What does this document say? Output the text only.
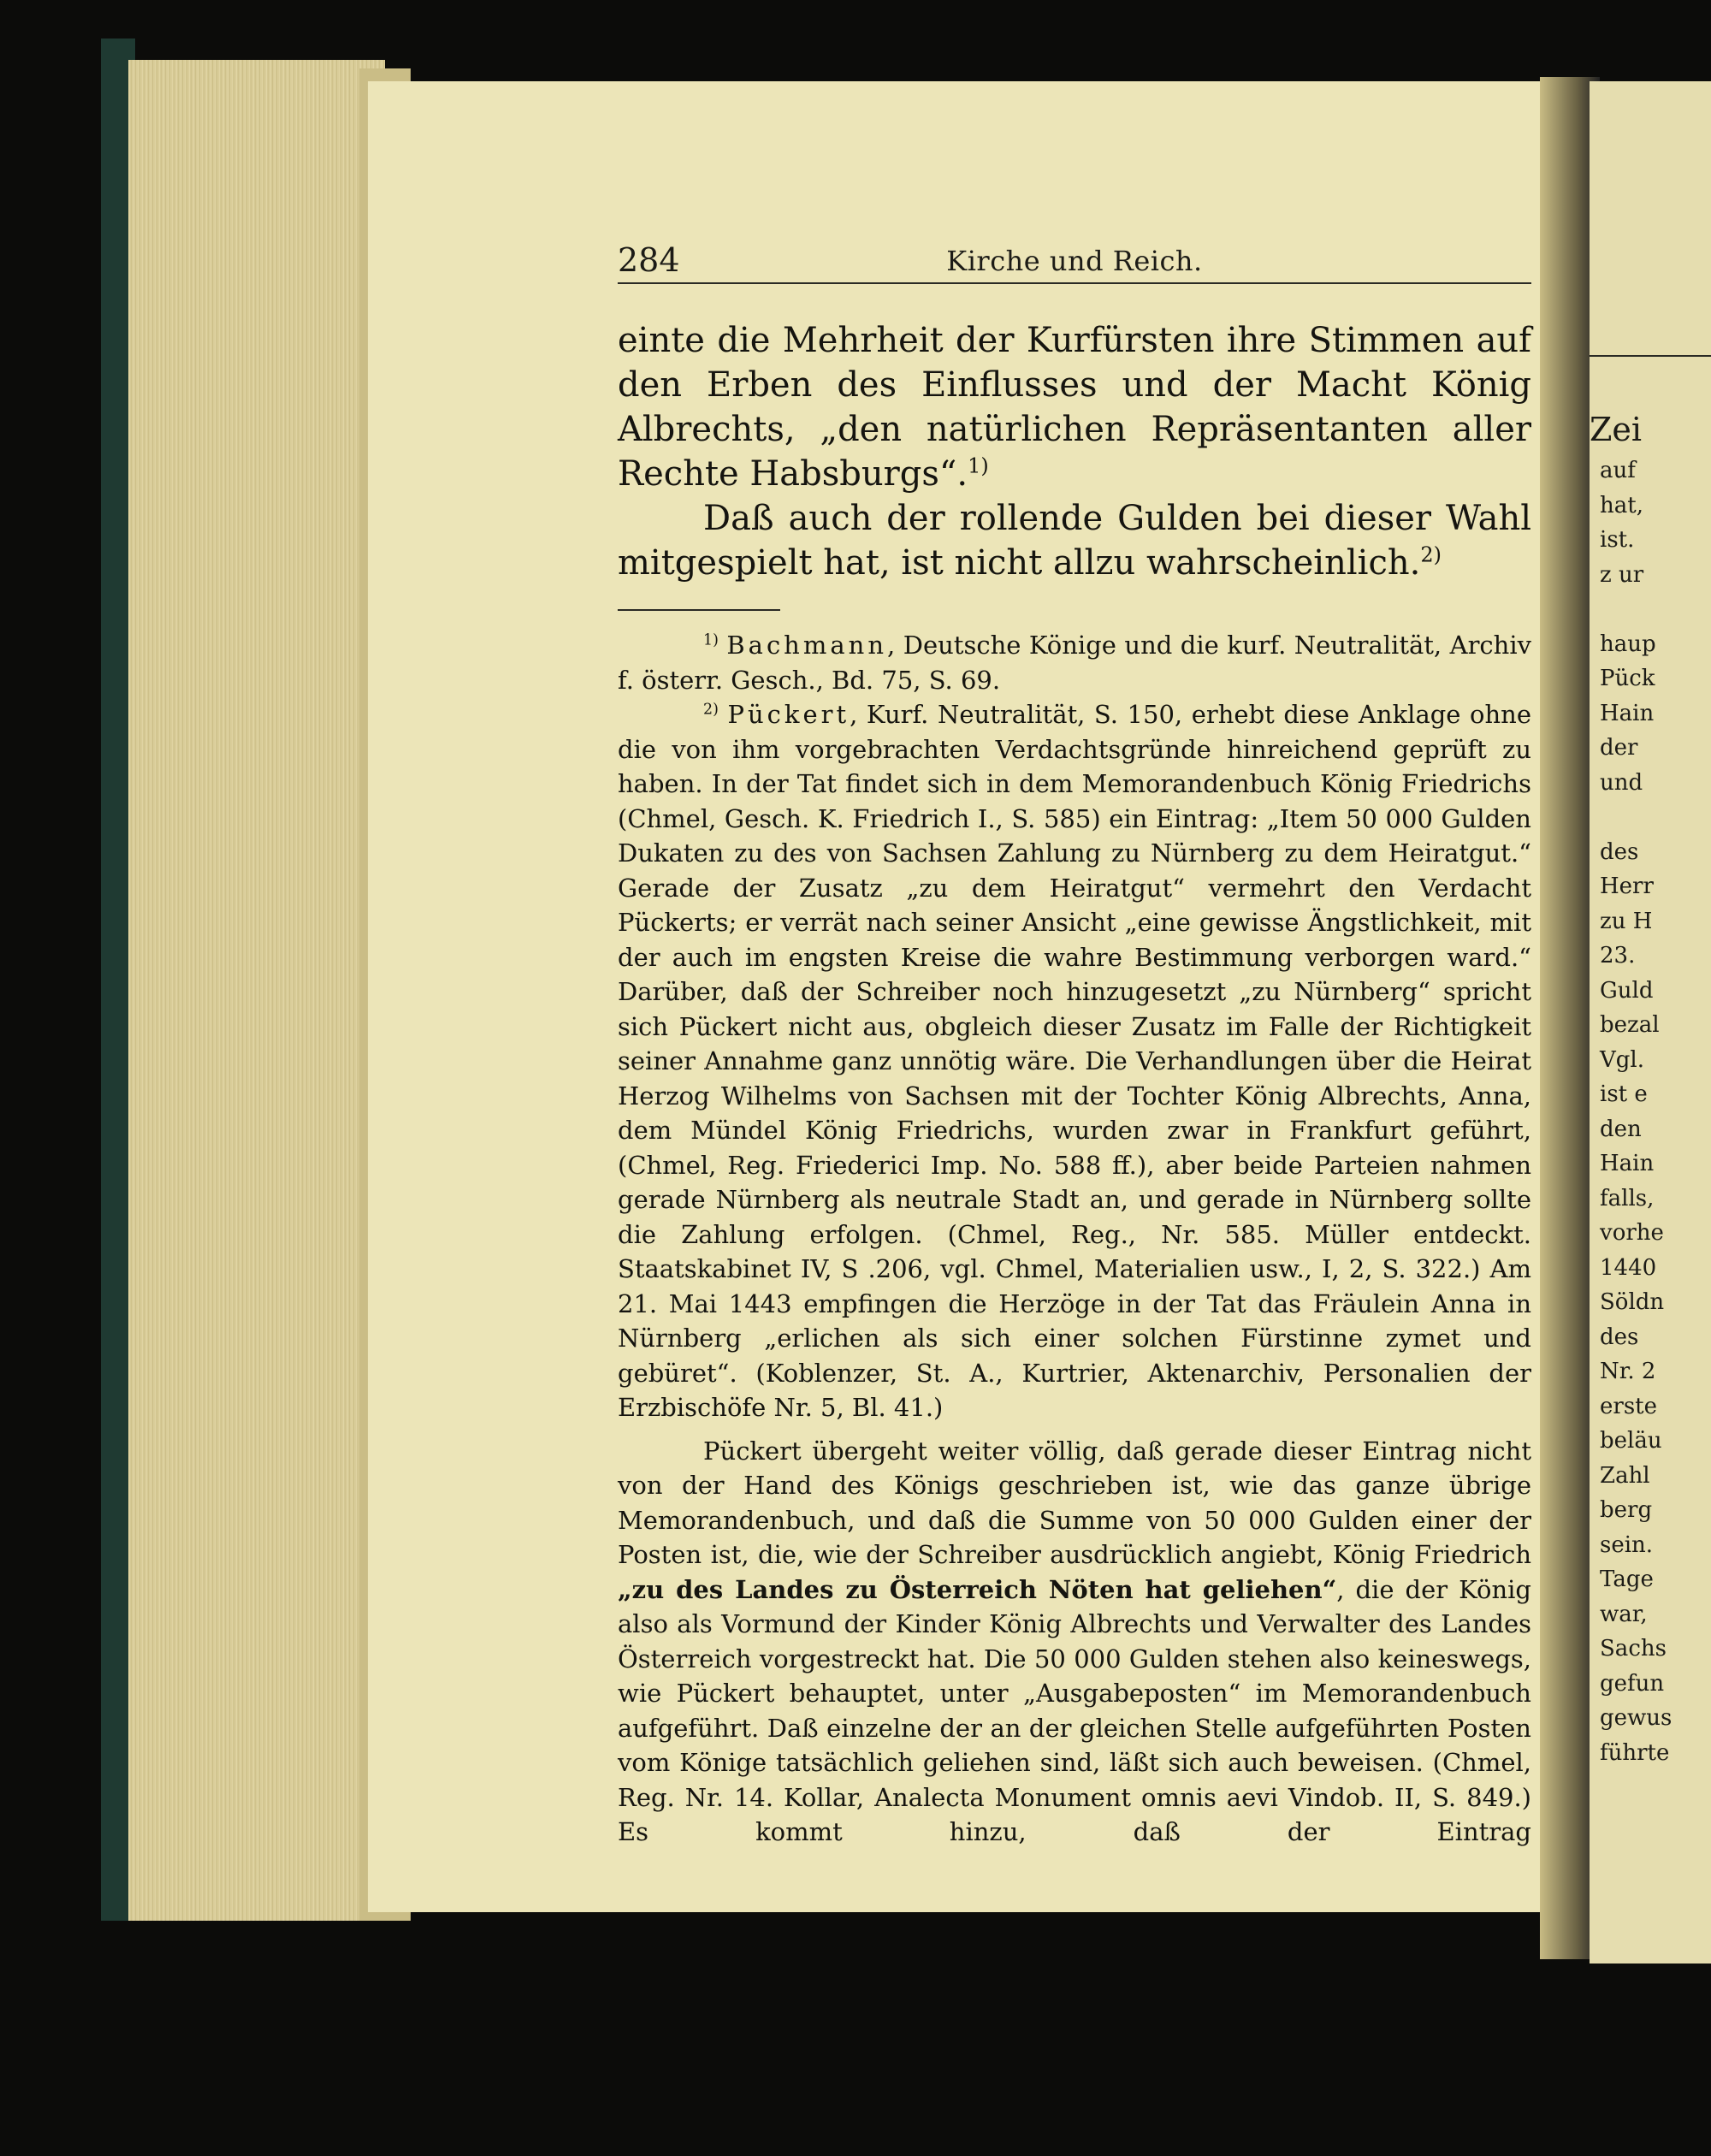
284	Kirche und Reich.

einte die Mehrheit der Kurfürsten ihre Stimmen auf den Erben des Einflusses und der Macht König Albrechts, „den natürlichen Repräsentanten aller Rechte Habsburgs“.$^{1)}$

Daß auch der rollende Gulden bei dieser Wahl mitgespielt hat, ist nicht allzu wahrscheinlich.$^{2)}$

$^{1)}$ Bachmann, Deutsche Könige und die kurf. Neutralität, Archiv f. österr. Gesch., Bd. 75, S. 69.

$^{2)}$ Pückert, Kurf. Neutralität, S. 150, erhebt diese Anklage ohne die von ihm vorgebrachten Verdachtsgründe hinreichend geprüft zu haben. In der Tat findet sich in dem Memorandenbuch König Friedrichs (Chmel, Gesch. K. Friedrich I., S. 585) ein Eintrag: „Item 50 000 Gulden Dukaten zu des von Sachsen Zahlung zu Nürnberg zu dem Heiratgut.“ Gerade der Zusatz „zu dem Heiratgut“ vermehrt den Verdacht Pückerts; er verrät nach seiner Ansicht „eine gewisse Ängstlichkeit, mit der auch im engsten Kreise die wahre Bestimmung verborgen ward.“ Darüber, daß der Schreiber noch hinzugesetzt „zu Nürnberg“ spricht sich Pückert nicht aus, obgleich dieser Zusatz im Falle der Richtigkeit seiner Annahme ganz unnötig wäre. Die Verhandlungen über die Heirat Herzog Wilhelms von Sachsen mit der Tochter König Albrechts, Anna, dem Mündel König Friedrichs, wurden zwar in Frankfurt geführt, (Chmel, Reg. Friederici Imp. No. 588 ff.), aber beide Parteien nahmen gerade Nürnberg als neutrale Stadt an, und gerade in Nürnberg sollte die Zahlung erfolgen. (Chmel, Reg., Nr. 585. Müller entdeckt. Staatskabinet IV, S .206, vgl. Chmel, Materialien usw., I, 2, S. 322.) Am 21. Mai 1443 empfingen die Herzöge in der Tat das Fräulein Anna in Nürnberg „erlichen als sich einer solchen Fürstinne zymet und gebüret“. (Koblenzer, St. A., Kurtrier, Aktenarchiv, Personalien der Erzbischöfe Nr. 5, Bl. 41.)

Pückert übergeht weiter völlig, daß gerade dieser Eintrag nicht von der Hand des Königs geschrieben ist, wie das ganze übrige Memorandenbuch, und daß die Summe von 50 000 Gulden einer der Posten ist, die, wie der Schreiber ausdrücklich angiebt, König Friedrich „zu des Landes zu Österreich Nöten hat geliehen“, die der König also als Vormund der Kinder König Albrechts und Verwalter des Landes Österreich vorgestreckt hat. Die 50 000 Gulden stehen also keineswegs, wie Pückert behauptet, unter „Ausgabeposten“ im Memorandenbuch aufgeführt. Daß einzelne der an der gleichen Stelle aufgeführten Posten vom Könige tatsächlich geliehen sind, läßt sich auch beweisen. (Chmel, Reg. Nr. 14. Kollar, Analecta Monument omnis aevi Vindob. II, S. 849.) Es kommt hinzu, daß der Eintrag

Zei
auf
hat,
ist.
z ur
haup
Pück
Hain
der
und
des
Herr
zu H
23.
Guld
bezal
Vgl.
ist e
den
Hain
falls,
vorhe
1440
Söldn
des
Nr. 2
erste
beläu
Zahl
berg
sein.
Tage
war,
Sachs
gefun
gewus
führte
